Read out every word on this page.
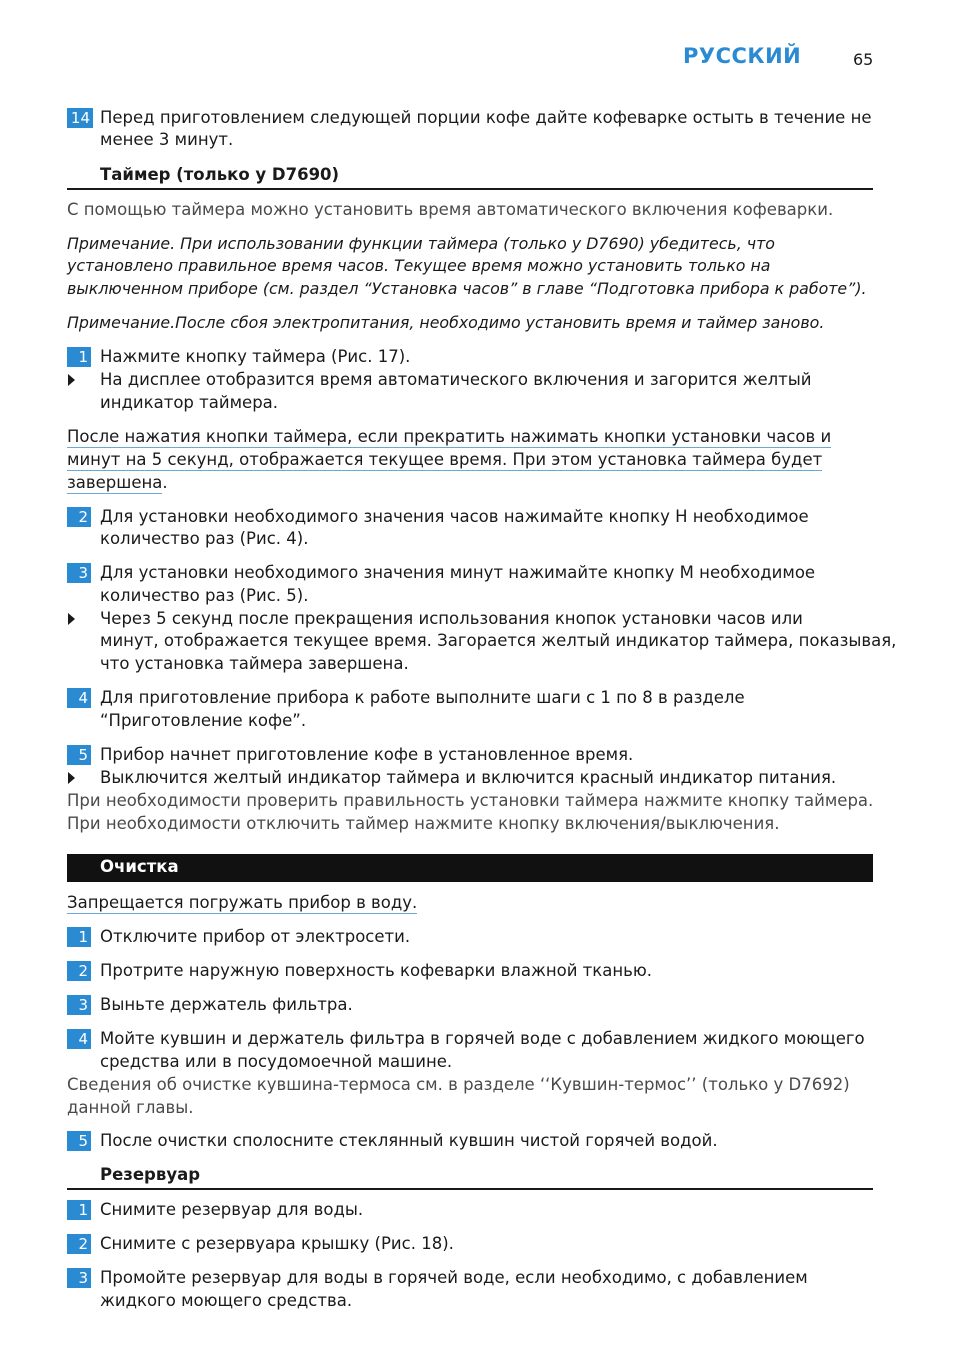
РУССКИЙ	65
14 Перед приготовлением следующей порции кофе дайте кофеварке остыть в течение не
менее 3 минут.
Таймер (только у D7690)
С помощью таймера можно установить время автоматического включения кофеварки.
Примечание. При использовании функции таймера (только у D7690) убедитесь, что
установлено правильное время часов. Текущее время можно установить только на
выключенном приборе (см. раздел “Установка часов” в главе “Подготовка прибора к работе”).
Примечание.После сбоя электропитания, необходимо установить время и таймер заново.
1 Нажмите кнопку таймера (Рис. 17).
На дисплее отобразится время автоматического включения и загорится желтый
индикатор таймера.
После нажатия кнопки таймера, если прекратить нажимать кнопки установки часов и
минут на 5 секунд, отображается текущее время. При этом установка таймера будет
завершена.
2 Для установки необходимого значения часов нажимайте кнопку H необходимое
количество раз (Рис. 4).
3 Для установки необходимого значения минут нажимайте кнопку M необходимое
количество раз (Рис. 5).
Через 5 секунд после прекращения использования кнопок установки часов или
минут, отображается текущее время. Загорается желтый индикатор таймера, показывая,
что установка таймера завершена.
4 Для приготовление прибора к работе выполните шаги с 1 по 8 в разделе
“Приготовление кофе”.
5 Прибор начнет приготовление кофе в установленное время.
Выключится желтый индикатор таймера и включится красный индикатор питания.
При необходимости проверить правильность установки таймера нажмите кнопку таймера.
При необходимости отключить таймер нажмите кнопку включения/выключения.
Очистка
Запрещается погружать прибор в воду.
1 Отключите прибор от электросети.
2 Протрите наружную поверхность кофеварки влажной тканью.
3 Выньте держатель фильтра.
4 Мойте кувшин и держатель фильтра в горячей воде с добавлением жидкого моющего
средства или в посудомоечной машине.
Сведения об очистке кувшина-термоса см. в разделе ‘‘Кувшин-термос’’ (только у D7692)
данной главы.
5 После очистки сполосните стеклянный кувшин чистой горячей водой.
Резервуар
1 Снимите резервуар для воды.
2 Снимите с резервуара крышку (Рис. 18).
3 Промойте резервуар для воды в горячей воде, если необходимо, с добавлением
жидкого моющего средства.
